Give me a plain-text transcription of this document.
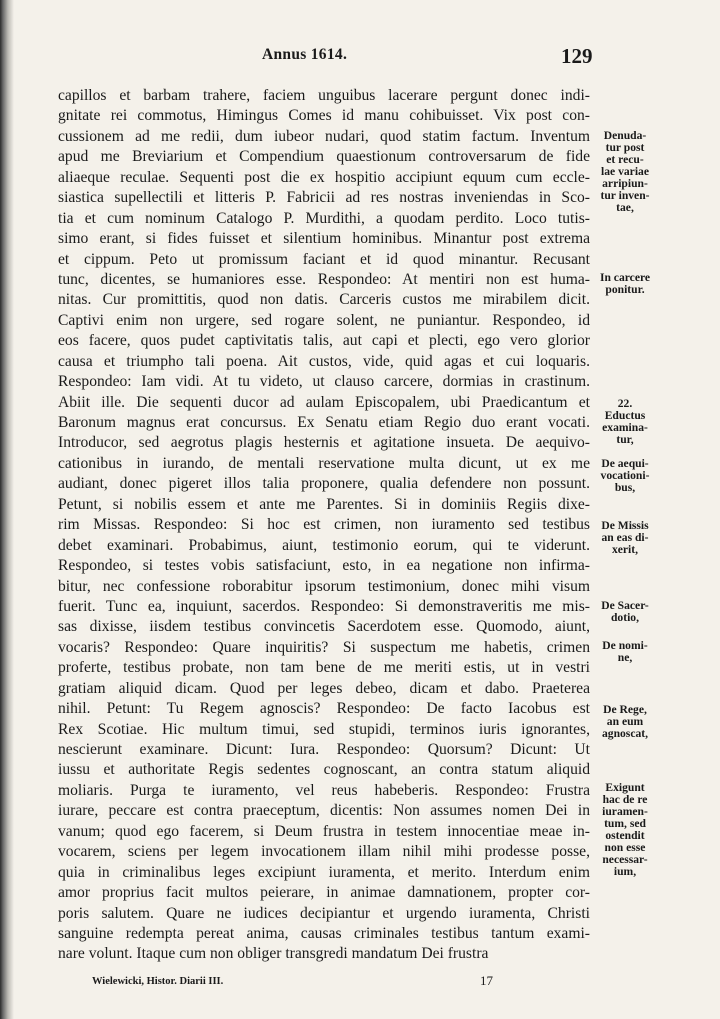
Annus 1614.	129
capillos et barbam trahere, faciem unguibus lacerare pergunt donec indi-
gnitate rei commotus, Himingus Comes id manu cohibuisset. Vix post con-
cussionem ad me redii, dum iubeor nudari, quod statim factum. Inventum
apud me Breviarium et Compendium quaestionum controversarum de fide
aliaeque reculae. Sequenti post die ex hospitio accipiunt equum cum eccle-
siastica supellectili et litteris P. Fabricii ad res nostras inveniendas in Sco-
tia et cum nominum Catalogo P. Murdithi, a quodam perdito. Loco tutis-
simo erant, si fides fuisset et silentium hominibus. Minantur post extrema
et cippum. Peto ut promissum faciant et id quod minantur. Recusant
tunc, dicentes, se humaniores esse. Respondeo: At mentiri non est huma-
nitas. Cur promittitis, quod non datis. Carceris custos me mirabilem dicit.
Captivi enim non urgere, sed rogare solent, ne puniantur. Respondeo, id
eos facere, quos pudet captivitatis talis, aut capi et plecti, ego vero glorior
causa et triumpho tali poena. Ait custos, vide, quid agas et cui loquaris.
Respondeo: Iam vidi. At tu videto, ut clauso carcere, dormias in crastinum.
Abiit ille. Die sequenti ducor ad aulam Episcopalem, ubi Praedicantum et
Baronum magnus erat concursus. Ex Senatu etiam Regio duo erant vocati.
Introducor, sed aegrotus plagis hesternis et agitatione insueta. De aequivo-
cationibus in iurando, de mentali reservatione multa dicunt, ut ex me
audiant, donec pigeret illos talia proponere, qualia defendere non possunt.
Petunt, si nobilis essem et ante me Parentes. Si in dominiis Regiis dixe-
rim Missas. Respondeo: Si hoc est crimen, non iuramento sed testibus
debet examinari. Probabimus, aiunt, testimonio eorum, qui te viderunt.
Respondeo, si testes vobis satisfaciunt, esto, in ea negatione non infirma-
bitur, nec confessione roborabitur ipsorum testimonium, donec mihi visum
fuerit. Tunc ea, inquiunt, sacerdos. Respondeo: Si demonstraveritis me mis-
sas dixisse, iisdem testibus convincetis Sacerdotem esse. Quomodo, aiunt,
vocaris? Respondeo: Quare inquiritis? Si suspectum me habetis, crimen
proferte, testibus probate, non tam bene de me meriti estis, ut in vestri
gratiam aliquid dicam. Quod per leges debeo, dicam et dabo. Praeterea
nihil. Petunt: Tu Regem agnoscis? Respondeo: De facto Iacobus est
Rex Scotiae. Hic multum timui, sed stupidi, terminos iuris ignorantes,
nescierunt examinare. Dicunt: Iura. Respondeo: Quorsum? Dicunt: Ut
iussu et authoritate Regis sedentes cognoscant, an contra statum aliquid
moliaris. Purga te iuramento, vel reus habeberis. Respondeo: Frustra
iurare, peccare est contra praeceptum, dicentis: Non assumes nomen Dei in
vanum; quod ego facerem, si Deum frustra in testem innocentiae meae in-
vocarem, sciens per legem invocationem illam nihil mihi prodesse posse,
quia in criminalibus leges excipiunt iuramenta, et merito. Interdum enim
amor proprius facit multos peierare, in animae damnationem, propter cor-
poris salutem. Quare ne iudices decipiantur et urgendo iuramenta, Christi
sanguine redempta pereat anima, causas criminales testibus tantum exami-
nare volunt. Itaque cum non obliger transgredi mandatum Dei frustra
Denuda-
tur post
et recu-
lae variae
arripiun-
tur inven-
tae,
In carcere
ponitur.
22.
Eductus
examina-
tur,
De aequi-
vocationi-
bus,
De Missis
an eas di-
xerit,
De Sacer-
dotio,
De nomi-
ne,
De Rege,
an eum
agnoscat,
Exigunt
hac de re
iuramen-
tum, sed
ostendit
non esse
necessar-
ium,
Wielewicki, Histor. Diarii III.	17
